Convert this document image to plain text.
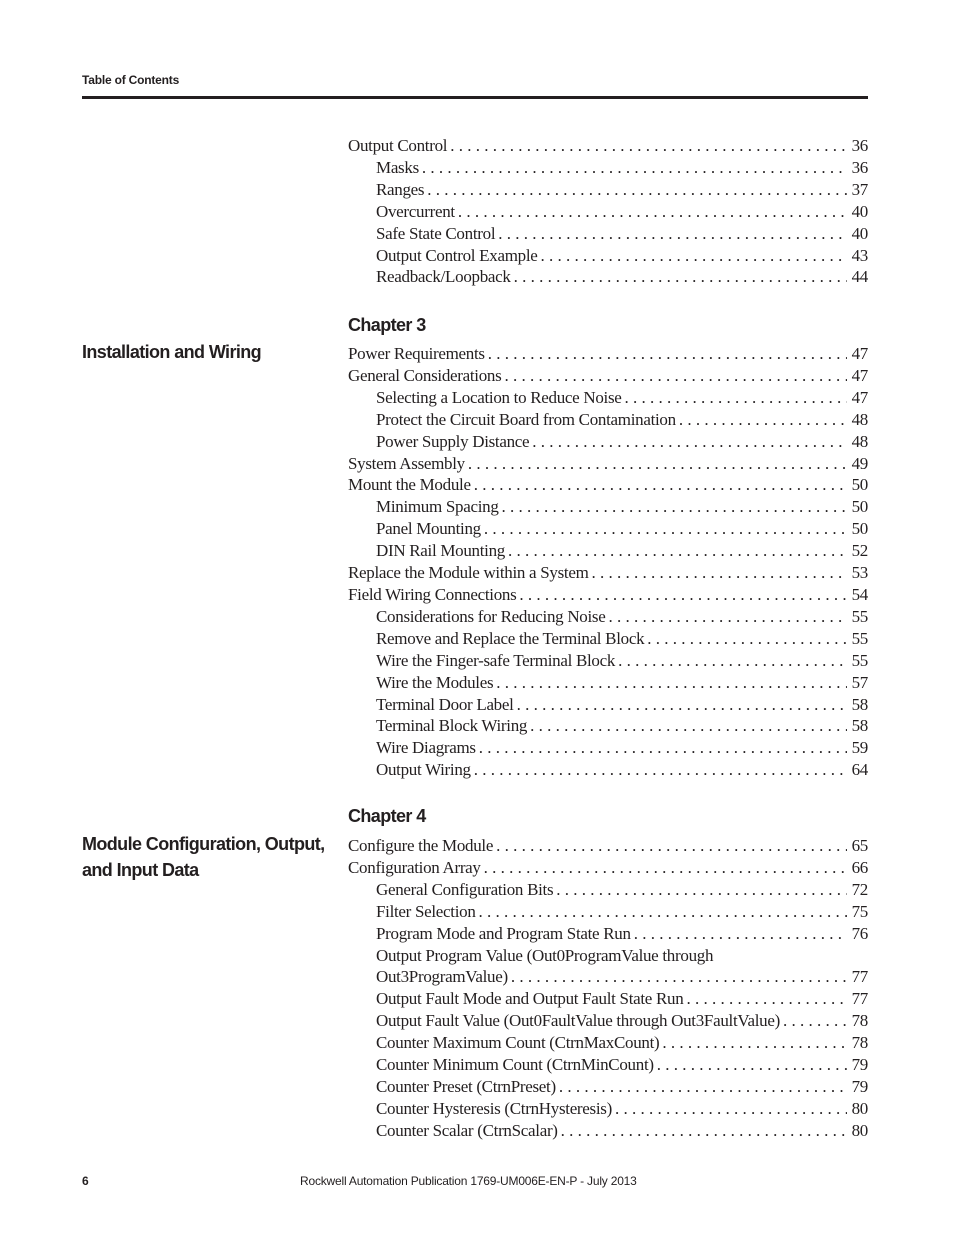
Table of Contents
Output Control . . .	36
Masks . . .	36
Ranges . . .	37
Overcurrent . . .	40
Safe State Control . . .	40
Output Control Example . . .	43
Readback/Loopback . . .	44
Chapter 3
Installation and Wiring	Power Requirements . . .	47
General Considerations . . .	47
Selecting a Location to Reduce Noise . . .	47
Protect the Circuit Board from Contamination . . .	48
Power Supply Distance . . .	48
System Assembly . . .	49
Mount the Module . . .	50
Minimum Spacing . . .	50
Panel Mounting . . .	50
DIN Rail Mounting . . .	52
Replace the Module within a System . . .	53
Field Wiring Connections . . .	54
Considerations for Reducing Noise . . .	55
Remove and Replace the Terminal Block . . .	55
Wire the Finger-safe Terminal Block . . .	55
Wire the Modules . . .	57
Terminal Door Label . . .	58
Terminal Block Wiring . . .	58
Wire Diagrams . . .	59
Output Wiring . . .	64
Chapter 4
Module Configuration, Output,
and Input Data
Configure the Module . . .	65
Configuration Array . . .	66
General Configuration Bits . . .	72
Filter Selection . . .	75
Program Mode and Program State Run . . .	76
Output Program Value (Out0ProgramValue through
Out3ProgramValue) . . .	77
Output Fault Mode and Output Fault State Run . . .	77
Output Fault Value (Out0FaultValue through Out3FaultValue) . . .	78
Counter Maximum Count (CtrnMaxCount) . . .	78
Counter Minimum Count (CtrnMinCount) . . .	79
Counter Preset (CtrnPreset) . . .	79
Counter Hysteresis (CtrnHysteresis) . . .	80
Counter Scalar (CtrnScalar) . . .	80
6	Rockwell Automation Publication 1769-UM006E-EN-P - July 2013
